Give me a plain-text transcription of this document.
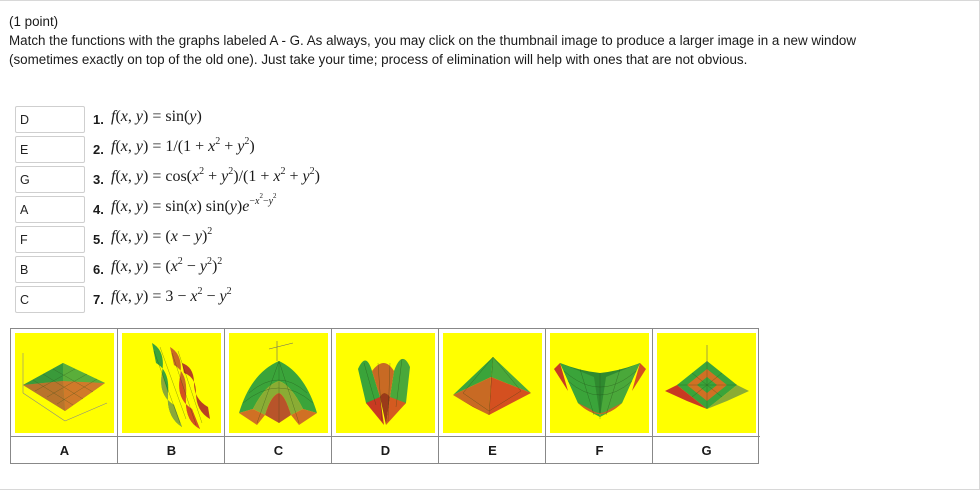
(1 point)
Match the functions with the graphs labeled A - G. As always, you may click on the thumbnail image to produce a larger image in a new window
(sometimes exactly on top of the old one). Just take your time; process of elimination will help with ones that are not obvious.
D
1. f(x, y) = sin(y)
E
2. f(x, $y) = 1/(1 + x^2 + y^2)$
G
3. f(x, $y) = \cos(x^2 + y^2)/(1 + x^2 + y^2)$
A
4. f(x, y) = sin(x) $\sin(y)e^{-x^2-y^2}$
F
5. f(x, $y) = (x - y)^2$
B
6. f(x, $y) = (x^2 - y^2)^2$
C
7. f(x, $y) = 3 - x^2 - y^2$
A	B	C	D	E	F	G
